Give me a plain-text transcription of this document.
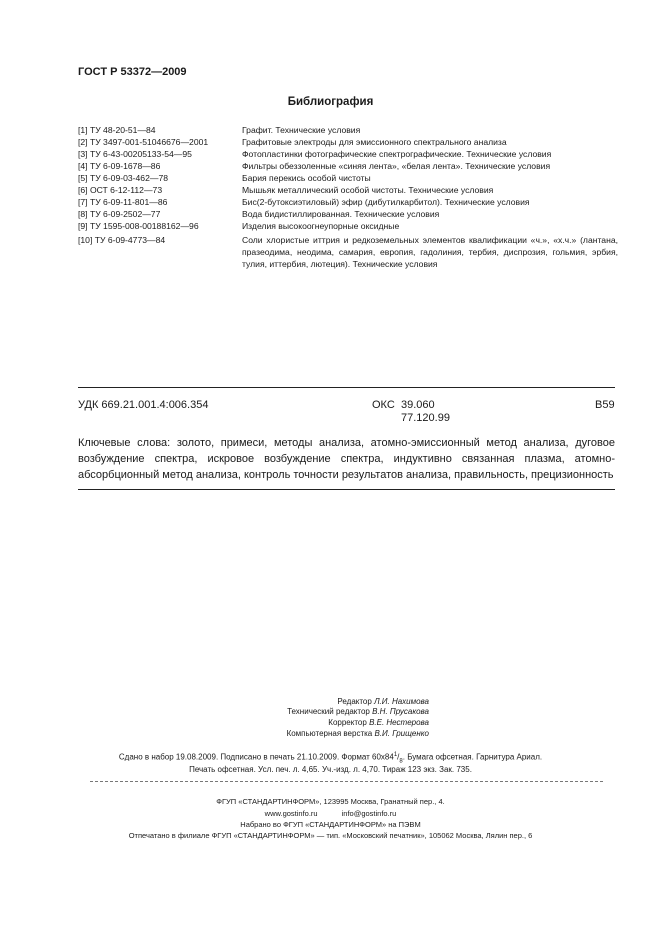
ГОСТ Р 53372—2009
Библиография
[1] ТУ 48-20-51—84	Графит. Технические условия
[2] ТУ 3497-001-51046676—2001	Графитовые электроды для эмиссионного спектрального анализа
[3] ТУ 6-43-00205133-54—95	Фотопластинки фотографические спектрографические. Технические условия
[4] ТУ 6-09-1678—86	Фильтры обеззоленные «синяя лента», «белая лента». Технические условия
[5] ТУ 6-09-03-462—78	Бария перекись особой чистоты
[6] ОСТ 6-12-112—73	Мышьяк металлический особой чистоты. Технические условия
[7] ТУ 6-09-11-801—86	Бис(2-бутоксиэтиловый) эфир (дибутилкарбитол). Технические условия
[8] ТУ 6-09-2502—77	Вода бидистиллированная. Технические условия
[9] ТУ 1595-008-00188162—96	Изделия высокоогнеупорные оксидные
[10] ТУ 6-09-4773—84	Соли хлористые иттрия и редкоземельных элементов квалификации «ч.», «х.ч.» (лантана, празеодима, неодима, самария, европия, гадолиния, тербия, диспрозия, гольмия, эрбия, тулия, иттербия, лютеция). Технические условия
УДК 669.21.001.4:006.354	ОКС 39.060
77.120.99
В59
Ключевые слова: золото, примеси, методы анализа, атомно-эмиссионный метод анализа, дуговое возбуждение спектра, искровое возбуждение спектра, индуктивно связанная плазма, атомно-абсорбционный метод анализа, контроль точности результатов анализа, правильность, прецизионность
Редактор Л.И. Нахимова
Технический редактор В.Н. Прусакова
Корректор В.Е. Нестерова
Компьютерная верстка В.И. Грищенко
Сдано в набор 19.08.2009. Подписано в печать 21.10.2009. Формат $60х84^1/_8$. Бумага офсетная. Гарнитура Ариал.
Печать офсетная. Усл. печ. л. 4,65. Уч.-изд. л. 4,70. Тираж 123 экз. Зак. 735.
ФГУП «СТАНДАРТИНФОРМ», 123995 Москва, Гранатный пер., 4.
www.gostinfo.ru	info@gostinfo.ru
Набрано во ФГУП «СТАНДАРТИНФОРМ» на ПЭВМ
Отпечатано в филиале ФГУП «СТАНДАРТИНФОРМ» — тип. «Московский печатник», 105062 Москва, Лялин пер., 6
